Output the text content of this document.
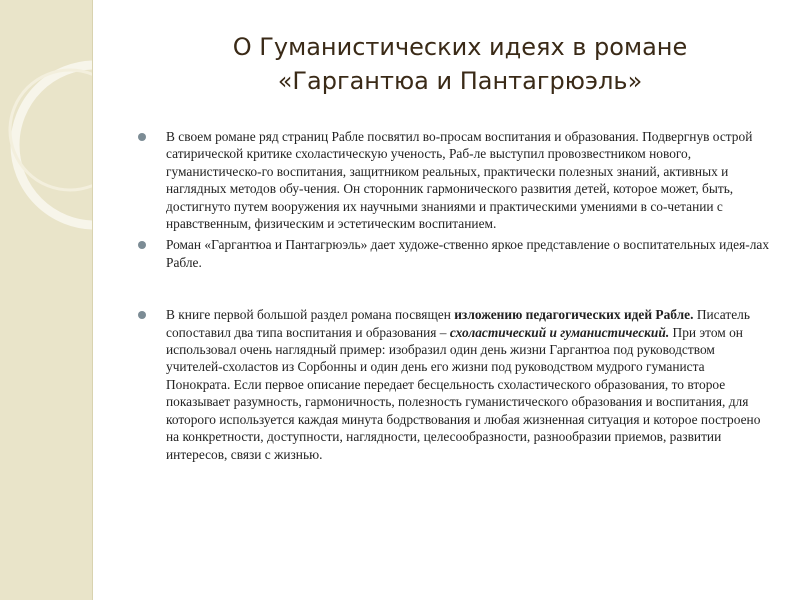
О Гуманистических идеях в романе
«Гаргантюа и Пантагрюэль»
В своем романе ряд страниц Рабле посвятил во-просам воспитания и образования. Подвергнув острой сатирической критике схоластическую ученость, Раб-ле выступил провозвестником нового, гуманистическо-го воспитания, защитником реальных, практически полезных знаний, активных и наглядных методов обу-чения. Он сторонник гармонического развития детей, которое может, быть, достигнуто путем вооружения их научными знаниями и практическими умениями в со-четании с нравственным, физическим и эстетическим воспитанием.
Роман «Гаргантюа и Пантагрюэль» дает художе-ственно яркое представление о воспитательных идея-лах Рабле.
В книге первой большой раздел романа посвящен изложению педагогических идей Рабле. Писатель сопоставил два типа воспитания и образования – схоластический и гуманистический. При этом он использовал очень наглядный пример: изобразил один день жизни Гаргантюа под руководством учителей-схоластов из Сорбонны и один день его жизни под руководством мудрого гуманиста Понократа. Если первое описание передает бесцельность схоластического образования, то второе показывает разумность, гармоничность, полезность гуманистического образования и воспитания, для которого используется каждая минута бодрствования и любая жизненная ситуация и которое построено на конкретности, доступности, наглядности, целесообразности, разнообразии приемов, развитии интересов, связи с жизнью.
